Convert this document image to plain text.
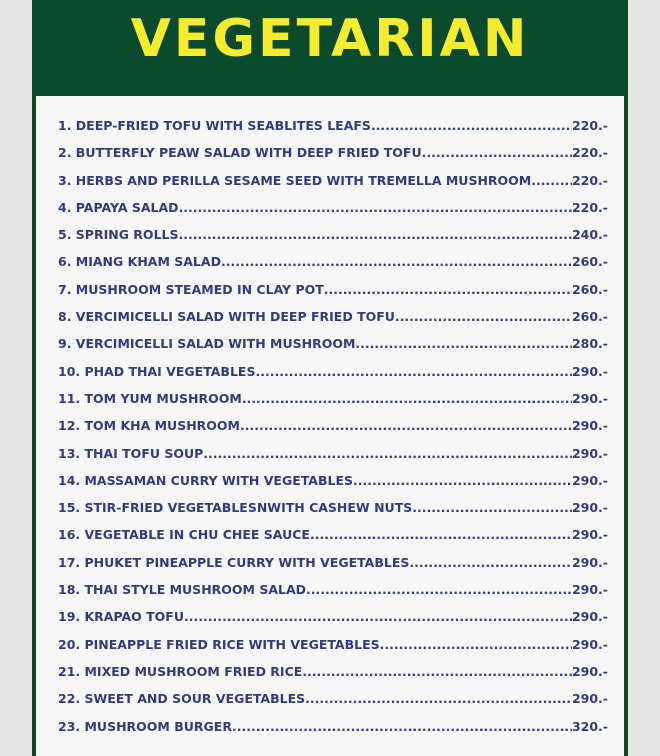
VEGETARIAN
1. DEEP-FRIED TOFU WITH SEABLITES LEAFS .....	220.-
2. BUTTERFLY PEAW SALAD WITH DEEP FRIED TOFU .....	220.-
3. HERBS AND PERILLA SESAME SEED WITH TREMELLA MUSHROOM .....	220.-
4. PAPAYA SALAD .....	220.-
5. SPRING ROLLS .....	240.-
6. MIANG KHAM SALAD .....	260.-
7. MUSHROOM STEAMED IN CLAY POT .....	260.-
8. VERCIMICELLI SALAD WITH DEEP FRIED TOFU .....	260.-
9. VERCIMICELLI SALAD WITH MUSHROOM .....	280.-
10. PHAD THAI VEGETABLES .....	290.-
11. TOM YUM MUSHROOM .....	290.-
12. TOM KHA MUSHROOM .....	290.-
13. THAI TOFU SOUP .....	290.-
14. MASSAMAN CURRY WITH VEGETABLES .....	290.-
15. STIR-FRIED VEGETABLESNWITH CASHEW NUTS .....	290.-
16. VEGETABLE IN CHU CHEE SAUCE .....	290.-
17. PHUKET PINEAPPLE CURRY WITH VEGETABLES .....	290.-
18. THAI STYLE MUSHROOM SALAD .....	290.-
19. KRAPAO TOFU .....	290.-
20. PINEAPPLE FRIED RICE WITH VEGETABLES .....	290.-
21. MIXED MUSHROOM FRIED RICE .....	290.-
22. SWEET AND SOUR VEGETABLES .....	290.-
23. MUSHROOM BURGER .....	320.-
